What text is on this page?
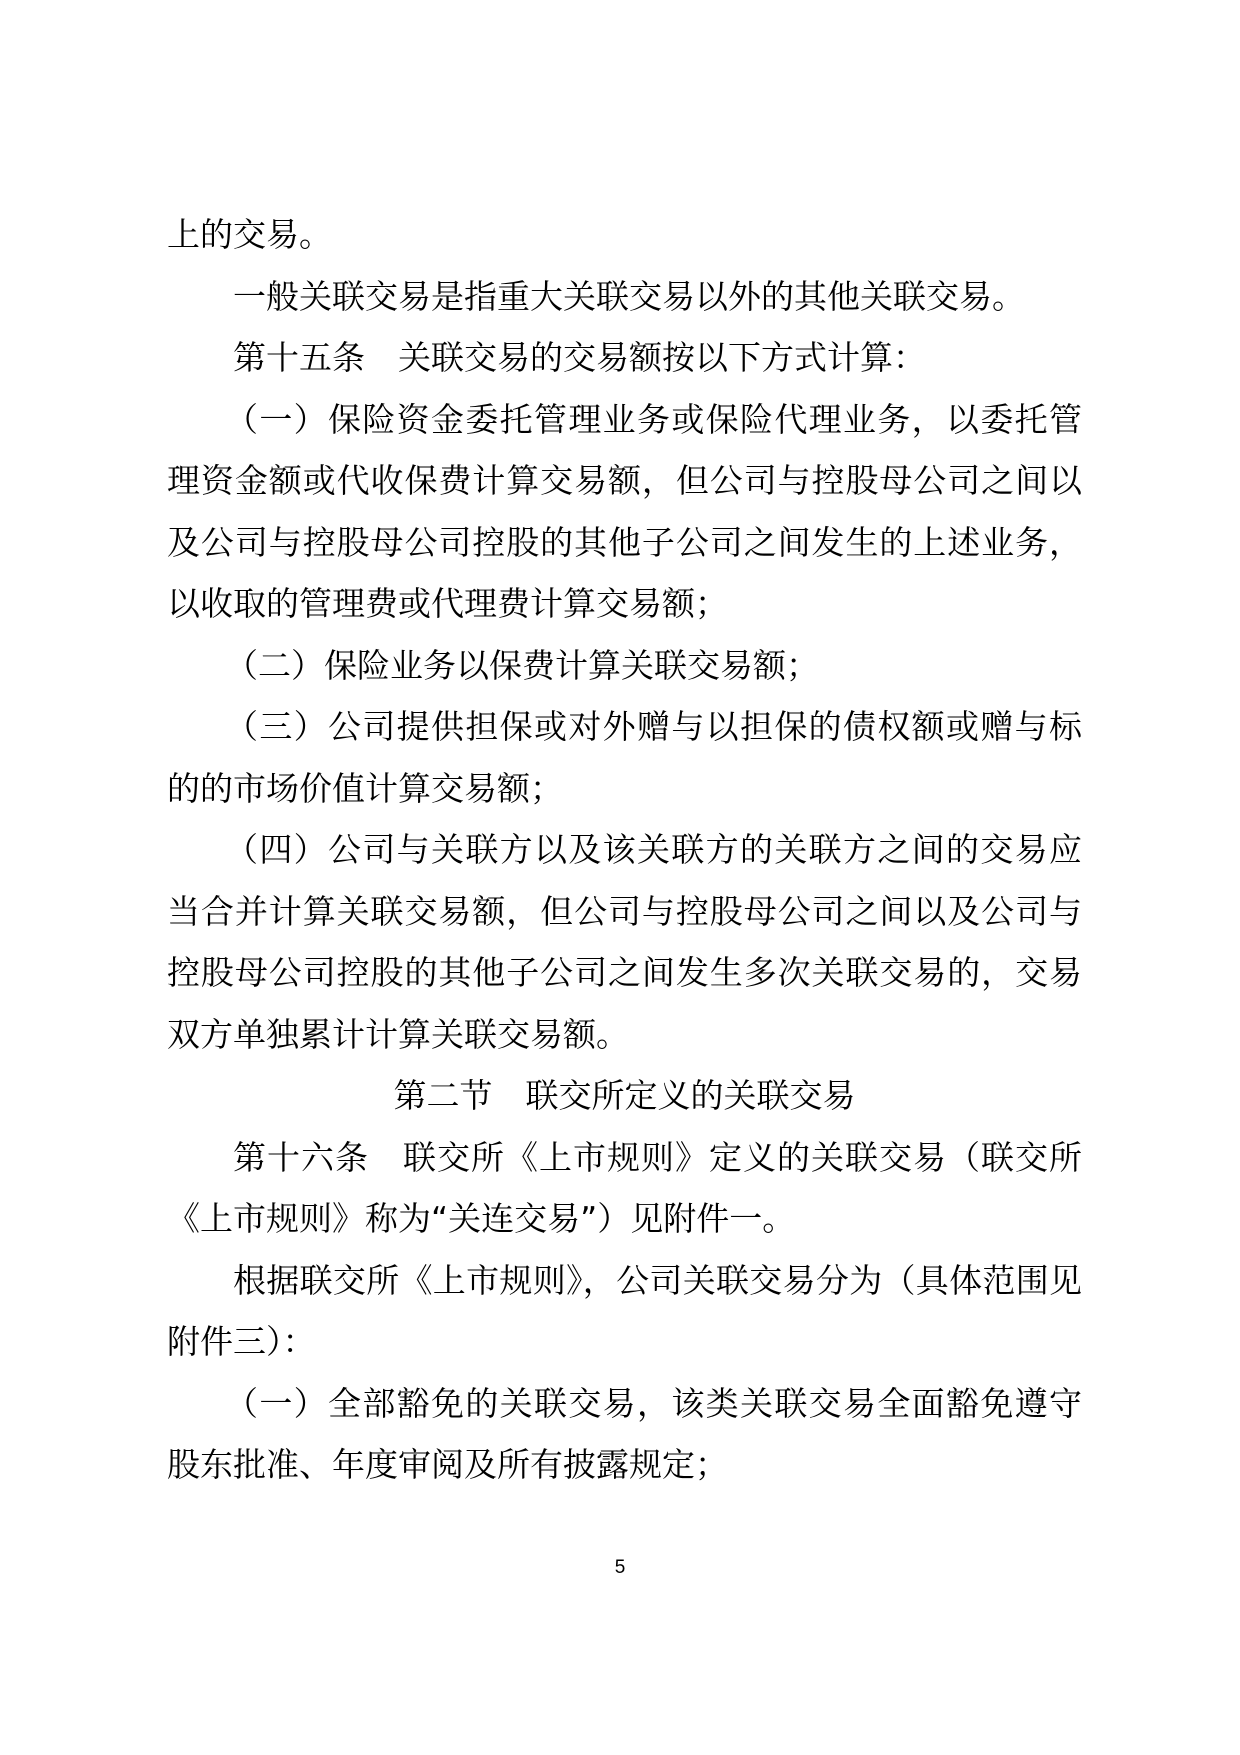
上的交易。

一般关联交易是指重大关联交易以外的其他关联交易。

第十五条　关联交易的交易额按以下方式计算：

（一）保险资金委托管理业务或保险代理业务，以委托管理资金额或代收保费计算交易额，但公司与控股母公司之间以及公司与控股母公司控股的其他子公司之间发生的上述业务，以收取的管理费或代理费计算交易额；

（二）保险业务以保费计算关联交易额；

（三）公司提供担保或对外赠与以担保的债权额或赠与标的的市场价值计算交易额；

（四）公司与关联方以及该关联方的关联方之间的交易应当合并计算关联交易额，但公司与控股母公司之间以及公司与控股母公司控股的其他子公司之间发生多次关联交易的，交易双方单独累计计算关联交易额。

第二节　联交所定义的关联交易

第十六条　联交所《上市规则》定义的关联交易（联交所《上市规则》称为“关连交易”）见附件一。

根据联交所《上市规则》，公司关联交易分为（具体范围见附件三）：

（一）全部豁免的关联交易，该类关联交易全面豁免遵守股东批准、年度审阅及所有披露规定；

5
